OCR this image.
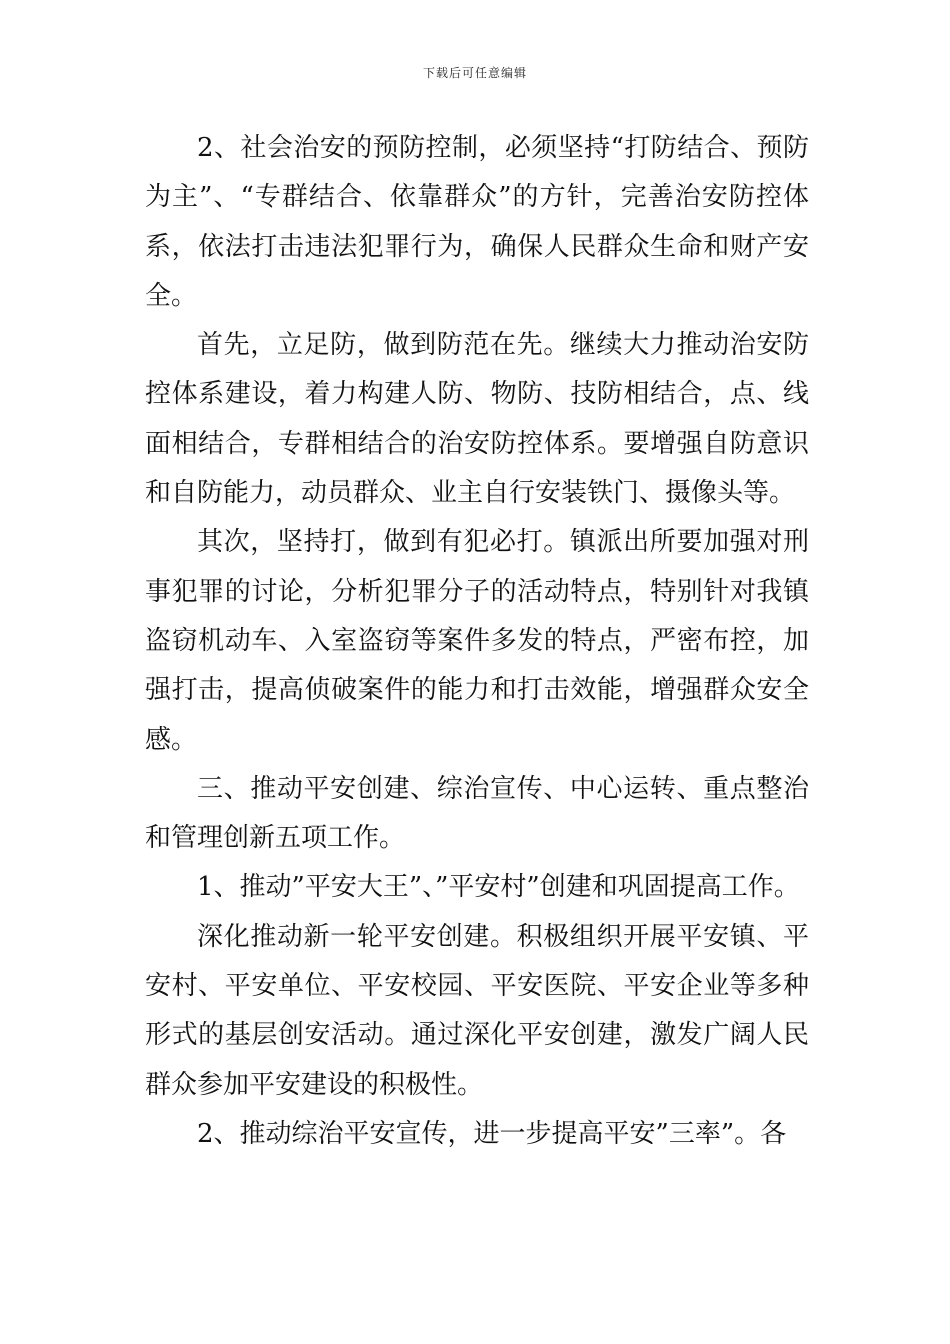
下载后可任意编辑

2、社会治安的预防控制，必须坚持“打防结合、预防为主”、“专群结合、依靠群众”的方针，完善治安防控体系，依法打击违法犯罪行为，确保人民群众生命和财产安全。

首先，立足防，做到防范在先。继续大力推动治安防控体系建设，着力构建人防、物防、技防相结合，点、线面相结合，专群相结合的治安防控体系。要增强自防意识和自防能力，动员群众、业主自行安装铁门、摄像头等。

其次，坚持打，做到有犯必打。镇派出所要加强对刑事犯罪的讨论，分析犯罪分子的活动特点，特别针对我镇盗窃机动车、入室盗窃等案件多发的特点，严密布控，加强打击，提高侦破案件的能力和打击效能，增强群众安全感。

三、推动平安创建、综治宣传、中心运转、重点整治和管理创新五项工作。

1、推动”平安大王”、”平安村”创建和巩固提高工作。

深化推动新一轮平安创建。积极组织开展平安镇、平安村、平安单位、平安校园、平安医院、平安企业等多种形式的基层创安活动。通过深化平安创建，激发广阔人民群众参加平安建设的积极性。

2、推动综治平安宣传，进一步提高平安”三率”。各
